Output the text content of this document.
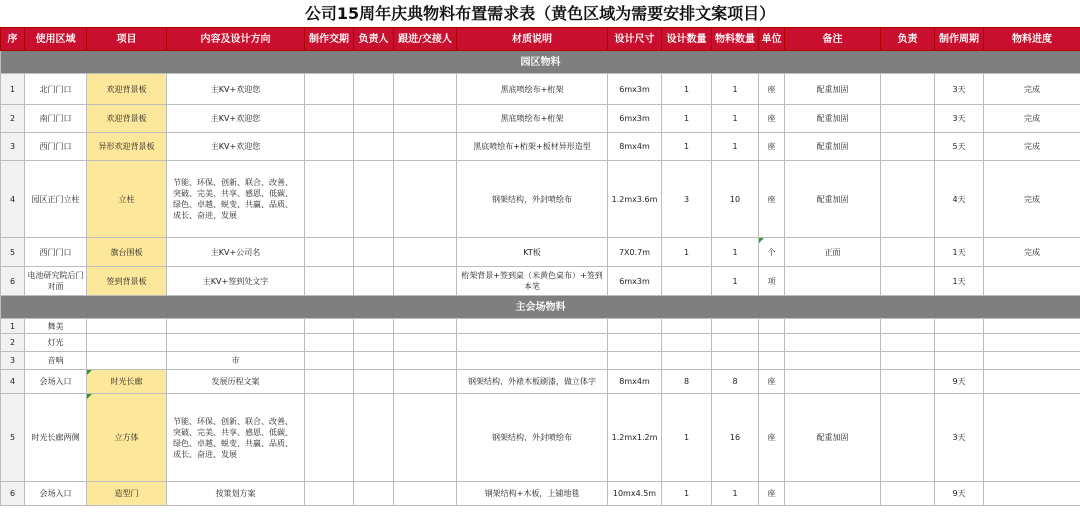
公司15周年庆典物料布置需求表（黄色区域为需要安排文案项目）
序	使用区域	项目	内容及设计方向	制作交期	负责人	跟进/交接人	材质说明	设计尺寸	设计数量	物料数量	单位	备注	负责	制作周期	物料进度
园区物料															
1	北门门口	欢迎背景板	主KV+欢迎您				黑底喷绘布+桁架	6mx3m	1	1	座	配重加固		3天	完成
2	南门门口	欢迎背景板	主KV+欢迎您				黑底喷绘布+桁架	6mx3m	1	1	座	配重加固		3天	完成
3	西门门口	异形欢迎背景板	主KV+欢迎您				黑底喷绘布+桁架+板材异形造型	8mx4m	1	1	座	配重加固		5天	完成
4	园区正门立柱	立柱	节能、环保、创新、联合、改善、突破、完美、共享、感恩、低碳、绿色、卓越、蜕变、共赢、品质、成长、奋进、发展				钢架结构，外封喷绘布	1.2mx3.6m	3	10	座	配重加固		4天	完成
5	西门门口	旗台围板	主KV+公司名				KT板	7X0.7m	1	1	个	正面		1天	完成
6	电池研究院后门对面	签到背景板	主KV+签到处文字				桁架背景+签到桌（米黄色桌布）+签到本笔	6mx3m		1	项			1天	
主会场物料															
1	舞美														
2	灯光														
3	音响		市												
4	会场入口	时光长廊	发展历程文案				钢架结构，外裱木板刷漆，做立体字	8mx4m	8	8	座			9天	
5	时光长廊两侧	立方体	节能、环保、创新、联合、改善、突破、完美、共享、感恩、低碳、绿色、卓越、蜕变、共赢、品质、成长、奋进、发展				钢架结构，外封喷绘布	1.2mx1.2m	1	16	座	配重加固		3天	
6	会场入口	造型门	按策划方案				钢架结构+木板，上铺地毯	10mx4.5m	1	1	座			9天	
